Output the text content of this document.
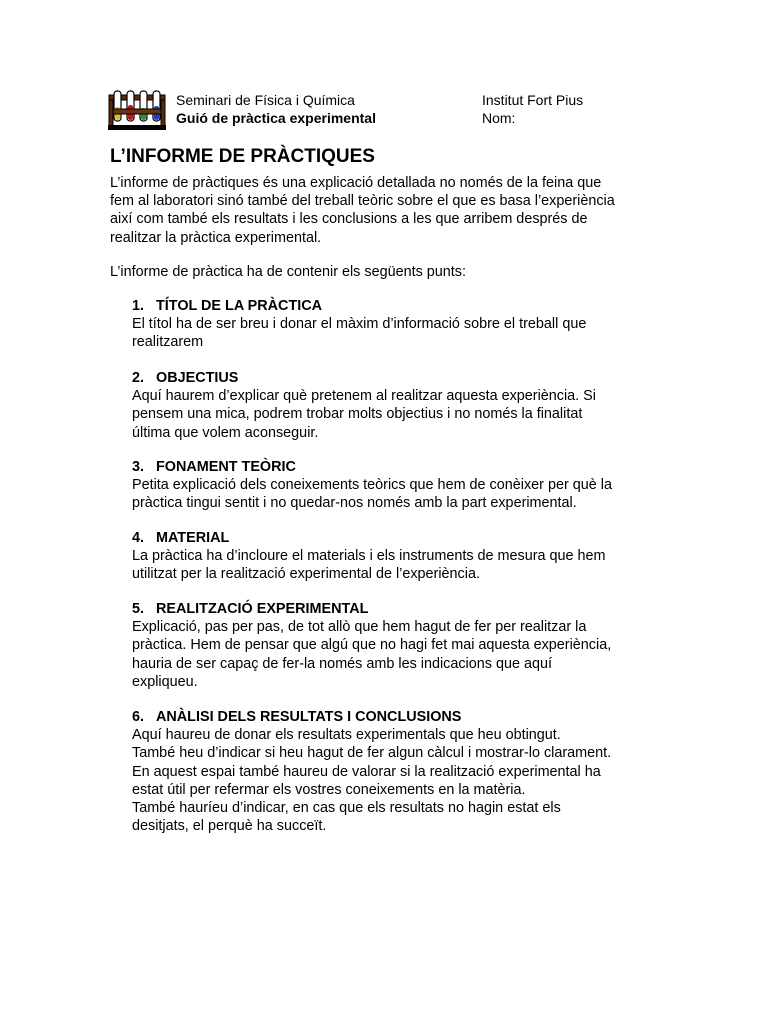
Seminari de Física i Química
Guió de pràctica experimental
Institut Fort Pius
Nom:
L’INFORME DE PRÀCTIQUES
L’informe de pràctiques és una explicació detallada no només de la feina que
fem al laboratori sinó també del treball teòric sobre el que es basa l’experiència
així com també els resultats i les conclusions a les que arribem després de
realitzar la pràctica experimental.
L’informe de pràctica ha de contenir els següents punts:
1. TÍTOL DE LA PRÀCTICA
El títol ha de ser breu i donar el màxim d’informació sobre el treball que
realitzarem
2. OBJECTIUS
Aquí haurem d’explicar què pretenem al realitzar aquesta experiència. Si
pensem una mica, podrem trobar molts objectius i no només la finalitat
última que volem aconseguir.
3. FONAMENT TEÒRIC
Petita explicació dels coneixements teòrics que hem de conèixer per què la
pràctica tingui sentit i no quedar-nos només amb la part experimental.
4. MATERIAL
La pràctica ha d’incloure el materials i els instruments de mesura que hem
utilitzat per la realització experimental de l’experiència.
5. REALITZACIÓ EXPERIMENTAL
Explicació, pas per pas, de tot allò que hem hagut de fer per realitzar la
pràctica. Hem de pensar que algú que no hagi fet mai aquesta experiència,
hauria de ser capaç de fer-la només amb les indicacions que aquí
expliqueu.
6. ANÀLISI DELS RESULTATS I CONCLUSIONS
Aquí haureu de donar els resultats experimentals que heu obtingut.
També heu d’indicar si heu hagut de fer algun càlcul i mostrar-lo clarament.
En aquest espai també haureu de valorar si la realització experimental ha
estat útil per refermar els vostres coneixements en la matèria.
També hauríeu d’indicar, en cas que els resultats no hagin estat els
desitjats, el perquè ha succeït.
